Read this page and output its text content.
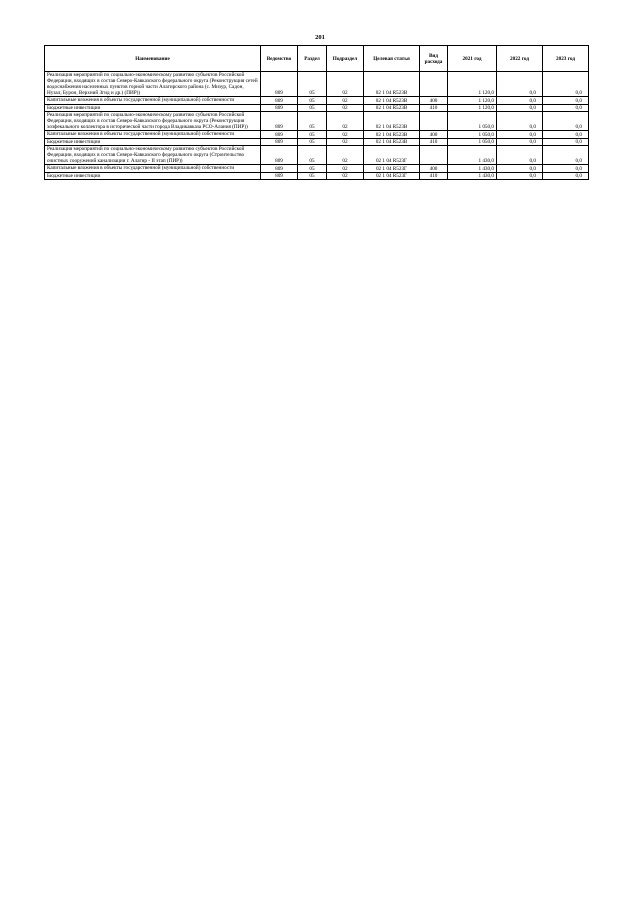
201
Наименование	Ведомство	Раздел	Подраздел	Целевая статья	Вид расхода	2021 год	2022 год	2023 год
Реализация мероприятий по социально-экономическому развитию субъектов Российской Федерации, входящих в состав Северо-Кавказского федерального округа (Реконструкция сетей водоснабжения населенных пунктов горной части Алагирского района (с. Мизур, Садон, Нузал, Бурон, Верхний Згид и др.) (ПИР))	809	05	02	02 1 04 R523В		1 120,0	0,0	0,0
Капитальные вложения в объекты государственной (муниципальной) собственности	809	05	02	02 1 04 R523В	400	1 120,0	0,0	0,0
Бюджетные инвестиции	809	05	02	02 1 04 R523В	410	1 120,0	0,0	0,0
Реализация мероприятий по социально-экономическому развитию субъектов Российской Федерации, входящих в состав Северо-Кавказского федерального округа (Реконструкция хозфекального коллектора в исторической части города Владикавказа РСО-Алания (ПИР))	809	05	02	02 1 04 R523В		1 050,0	0,0	0,0
Капитальные вложения в объекты государственной (муниципальной) собственности	809	05	02	02 1 04 R523В	400	1 050,0	0,0	0,0
Бюджетные инвестиции	809	05	02	02 1 04 R523В	410	1 050,0	0,0	0,0
Реализация мероприятий по социально-экономическому развитию субъектов Российской Федерации, входящих в состав Северо-Кавказского федерального округа (Строительство очистных сооружений канализации г. Алагир - II этап (ПИР))	809	05	02	02 1 04 R523Г		1 430,0	0,0	0,0
Капитальные вложения в объекты государственной (муниципальной) собственности	809	05	02	02 1 04 R523Г	400	1 430,0	0,0	0,0
Бюджетные инвестиции	809	05	02	02 1 04 R523Г	410	1 430,0	0,0	0,0
